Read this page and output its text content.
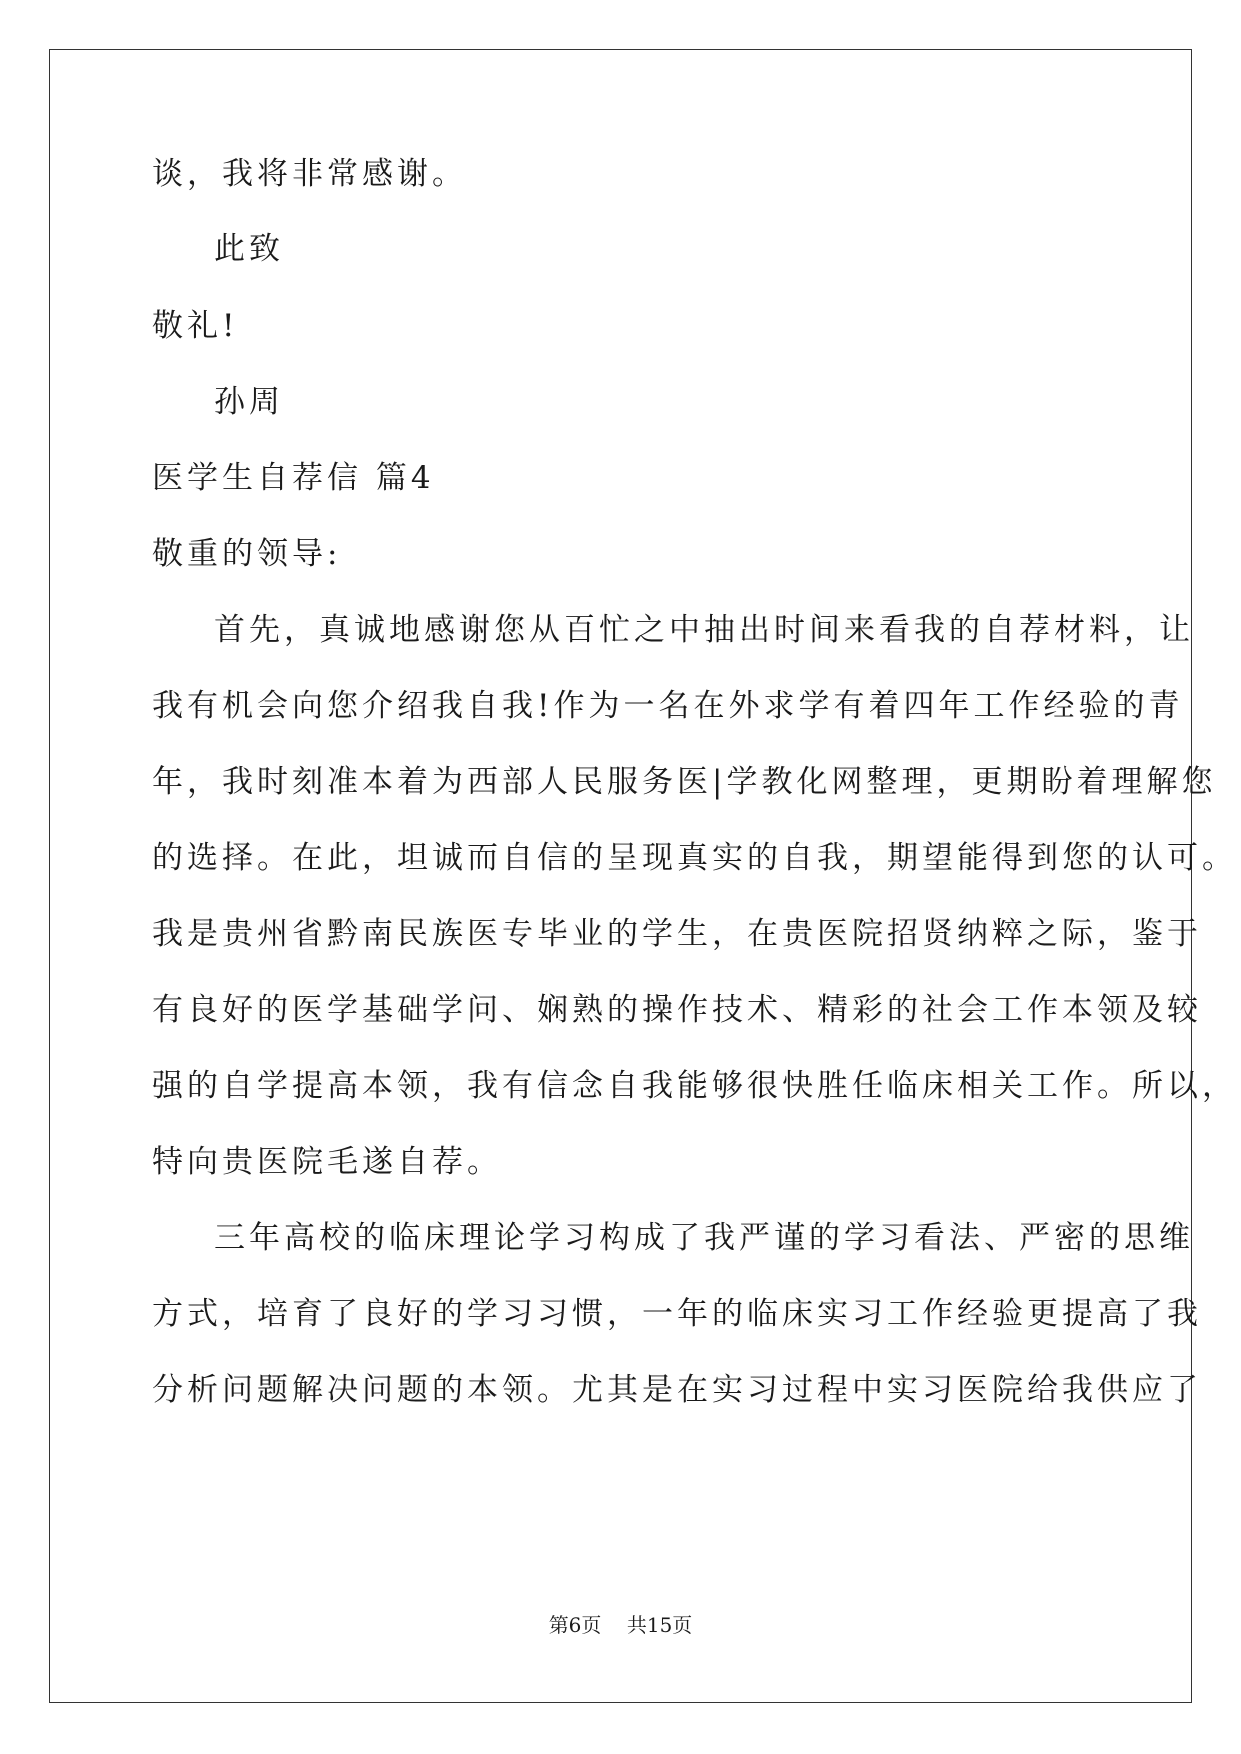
谈，我将非常感谢。
此致
敬礼!
孙周
医学生自荐信 篇4
敬重的领导:
首先，真诚地感谢您从百忙之中抽出时间来看我的自荐材料，让
我有机会向您介绍我自我!作为一名在外求学有着四年工作经验的青
年，我时刻准本着为西部人民服务医|学教化网整理，更期盼着理解您
的选择。在此，坦诚而自信的呈现真实的自我，期望能得到您的认可。
我是贵州省黔南民族医专毕业的学生，在贵医院招贤纳粹之际，鉴于
有良好的医学基础学问、娴熟的操作技术、精彩的社会工作本领及较
强的自学提高本领，我有信念自我能够很快胜任临床相关工作。所以，
特向贵医院毛遂自荐。
三年高校的临床理论学习构成了我严谨的学习看法、严密的思维
方式，培育了良好的学习习惯，一年的临床实习工作经验更提高了我
分析问题解决问题的本领。尤其是在实习过程中实习医院给我供应了
第6页 共15页
